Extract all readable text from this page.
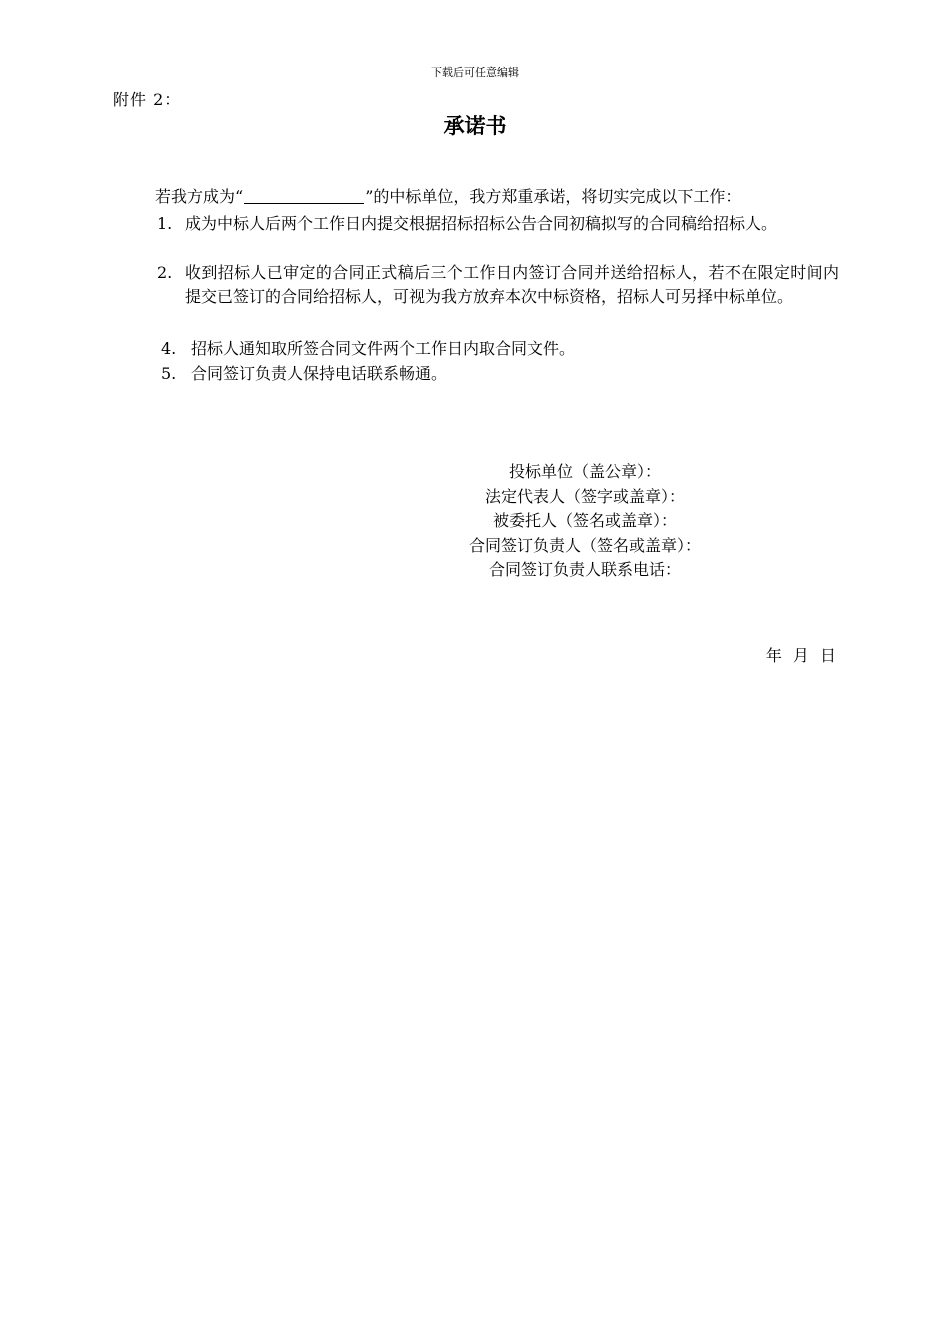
下载后可任意编辑
附件 2：
承诺书
若我方成为“	”的中标单位，我方郑重承诺，将切实完成以下工作：

1. 成为中标人后两个工作日内提交根据招标招标公告合同初稿拟写的合同稿给招标人。

2. 收到招标人已审定的合同正式稿后三个工作日内签订合同并送给招标人，若不在限定时间内提交已签订的合同给招标人，可视为我方放弃本次中标资格，招标人可另择中标单位。

4. 招标人通知取所签合同文件两个工作日内取合同文件。

5. 合同签订负责人保持电话联系畅通。

投标单位（盖公章）：
法定代表人（签字或盖章）：
被委托人（签名或盖章）：
合同签订负责人（签名或盖章）：
合同签订负责人联系电话：
年 月 日
